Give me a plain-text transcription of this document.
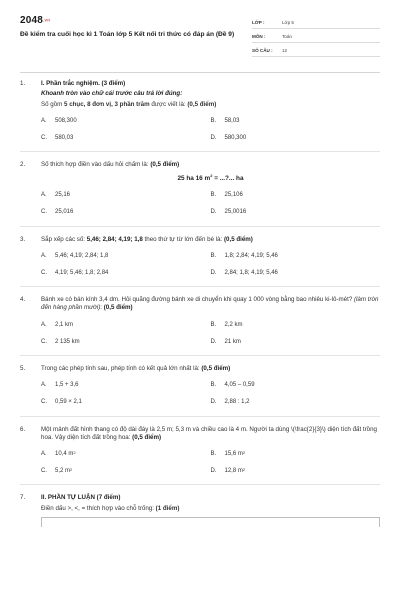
2048.vn
Đề kiểm tra cuối học kì 1 Toán lớp 5 Kết nối tri thức có đáp án (Đề 9)
LỚP :	Lớp 5
MÔN :	Toán
SỐ CÂU :	12
1.	I. Phần trắc nghiệm. (3 điểm)
Khoanh tròn vào chữ cái trước câu trả lời đúng:
Số gồm 5 chục, 8 đơn vị, 3 phần trăm được viết là: (0,5 điểm)
A.	508,300	B.	58,03
C.	580,03	D.	580,300
2.	Số thích hợp điền vào dấu hỏi chấm là: (0,5 điểm)
25 ha 16 $m^2$ = ...?... ha
A.	25,16	B.	25,106
C.	25,016	D.	25,0016
3.	Sắp xếp các số: 5,46; 2,84; 4,19; 1,8 theo thứ tự từ lớn đến bé là: (0,5 điểm)
A.	5,46; 4,19; 2,84; 1,8	B.	1,8; 2,84; 4,19; 5,46
C.	4,19; 5,46; 1,8; 2,84	D.	2,84; 1,8; 4,19; 5,46
4.	Bánh xe có bán kính 3,4 dm. Hỏi quãng đường bánh xe di chuyển khi quay 1 000 vòng bằng bao nhiêu ki-lô-mét? (làm tròn đến hàng phần mười): (0,5 điểm)
A.	2,1 km	B.	2,2 km
C.	2 135 km	D.	21 km
5.	Trong các phép tính sau, phép tính có kết quả lớn nhất là: (0,5 điểm)
A.	1,5 + 3,6	B.	4,05 – 0,59
C.	0,59 × 2,1	D.	2,88 : 1,2
6.	Một mảnh đất hình thang có độ dài đáy là 2,5 m; 5,3 m và chiều cao là 4 m. Người ta dùng \(\frac{2}{3}\) diện tích đất trồng hoa. Vậy diện tích đất trồng hoa: (0,5 điểm)
A.	10,4 m 2	B.	15,6 m 2
C.	5,2 m 2	D.	12,8 m 2
7.	II. PHẦN TỰ LUẬN (7 điểm)
Điền dấu >, <, = thích hợp vào chỗ trống: (1 điểm)
